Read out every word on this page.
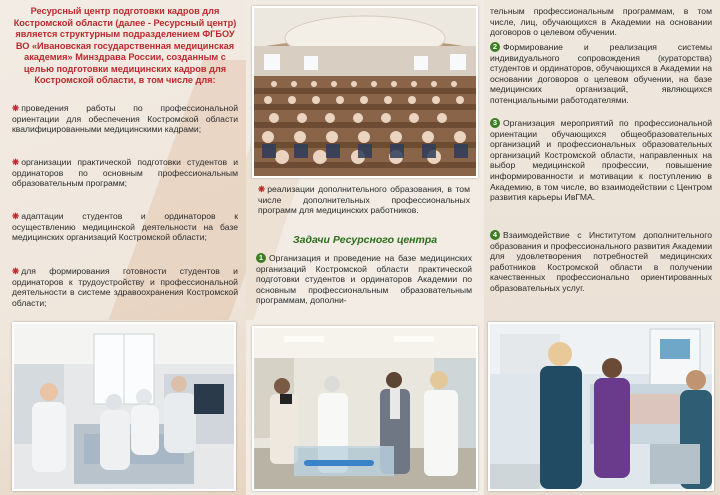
Ресурсный центр подготовки кадров для Костромской области (далее - Ресурсный центр) является структурным подразделением ФГБОУ ВО «Ивановская государственная медицинская академия» Минздрава России, созданным с целью подготовки медицинских кадров для Костромской области, в том числе для:

❋ проведения работы по профессиональной ориентации для обеспечения Костромской области квалифицированными медицинскими кадрами;

❋ организации практической подготовки студентов и ординаторов по основным профессиональным образовательным программ;

❋ адаптации студентов и ординаторов к осуществлению медицинской деятельности на базе медицинских организаций Костромской области;

❋ для формирования готовности студентов и ординаторов к трудоустройству и профессиональной деятельности в системе здравоохранения Костромской области;

❋ реализации дополнительного образования, в том числе дополнительных профессиональных программ для медицинских работников.

Задачи Ресурсного центра

1 Организация и проведение на базе медицинских организаций Костромской области практической подготовки студентов и ординаторов Академии по основным профессиональным образовательным программам, дополни-

тельным профессиональным программам, в том числе, лиц, обучающихся в Академии на основании договоров о целевом обучении.

2 Формирование и реализация системы индивидуального сопровождения (кураторства) студентов и ординаторов, обучающихся в Академии на основании договоров о целевом обучении, на базе медицинских организаций, являющихся потенциальными работодателями.

3 Организация мероприятий по профессиональной ориентации обучающихся общеобразовательных организаций и профессиональных образовательных организаций Костромской области, направленных на выбор медицинской профессии, повышение информированности и мотивации к поступлению в Академию, в том числе, во взаимодействии с Центром развития карьеры ИвГМА.

4 Взаимодействие с Институтом дополнительного образования и профессионального развития Академии для удовлетворения потребностей медицинских работников Костромской области в получении качественных профессионально ориентированных образовательных услуг.
